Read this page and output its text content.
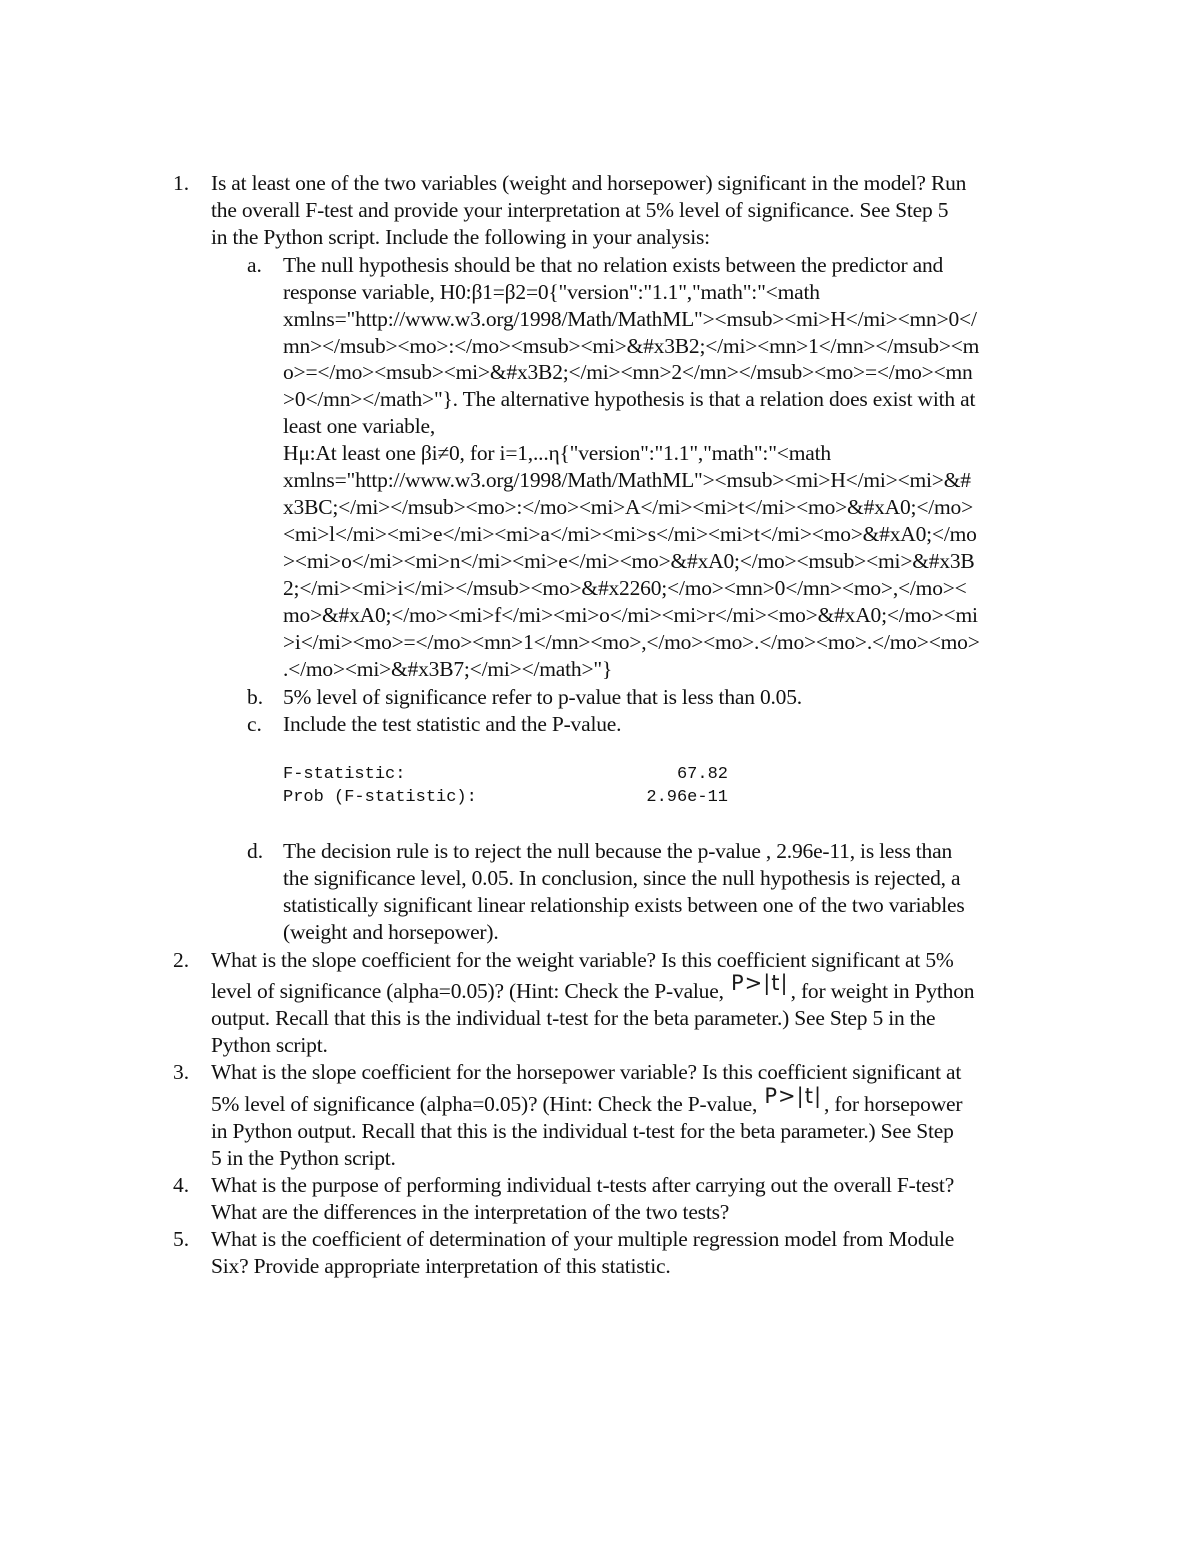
1. Is at least one of the two variables (weight and horsepower) significant in the model? Run
the overall F-test and provide your interpretation at 5% level of significance. See Step 5
in the Python script. Include the following in your analysis:
a. The null hypothesis should be that no relation exists between the predictor and
response variable, H0:β1=β2=0{"version":"1.1","math":"<math
xmlns="http://www.w3.org/1998/Math/MathML"><msub><mi>H</mi><mn>0</
mn></msub><mo>:</mo><msub><mi>&#x3B2;</mi><mn>1</mn></msub><m
o>=</mo><msub><mi>&#x3B2;</mi><mn>2</mn></msub><mo>=</mo><mn
>0</mn></math>"}. The alternative hypothesis is that a relation does exist with at
least one variable,
Hμ:At least one βi≠0, for i=1,...η{"version":"1.1","math":"<math
xmlns="http://www.w3.org/1998/Math/MathML"><msub><mi>H</mi><mi>&#
x3BC;</mi></msub><mo>:</mo><mi>A</mi><mi>t</mi><mo>&#xA0;</mo>
<mi>l</mi><mi>e</mi><mi>a</mi><mi>s</mi><mi>t</mi><mo>&#xA0;</mo
><mi>o</mi><mi>n</mi><mi>e</mi><mo>&#xA0;</mo><msub><mi>&#x3B
2;</mi><mi>i</mi></msub><mo>&#x2260;</mo><mn>0</mn><mo>,</mo><
mo>&#xA0;</mo><mi>f</mi><mi>o</mi><mi>r</mi><mo>&#xA0;</mo><mi
>i</mi><mo>=</mo><mn>1</mn><mo>,</mo><mo>.</mo><mo>.</mo><mo>
.</mo><mi>&#x3B7;</mi></math>"}
b. 5% level of significance refer to p-value that is less than 0.05.
c. Include the test statistic and the P-value.
F-statistic:	67.82
Prob (F-statistic):	2.96e-11
d. The decision rule is to reject the null because the p-value , 2.96e-11, is less than
the significance level, 0.05. In conclusion, since the null hypothesis is rejected, a
statistically significant linear relationship exists between one of the two variables
(weight and horsepower).
2. What is the slope coefficient for the weight variable? Is this coefficient significant at 5%
level of significance (alpha=0.05)? (Hint: Check the P-value, P>|t|, for weight in Python
output. Recall that this is the individual t-test for the beta parameter.) See Step 5 in the
Python script.
3. What is the slope coefficient for the horsepower variable? Is this coefficient significant at
5% level of significance (alpha=0.05)? (Hint: Check the P-value, P>|t|, for horsepower
in Python output. Recall that this is the individual t-test for the beta parameter.) See Step
5 in the Python script.
4. What is the purpose of performing individual t-tests after carrying out the overall F-test?
What are the differences in the interpretation of the two tests?
5. What is the coefficient of determination of your multiple regression model from Module
Six? Provide appropriate interpretation of this statistic.
